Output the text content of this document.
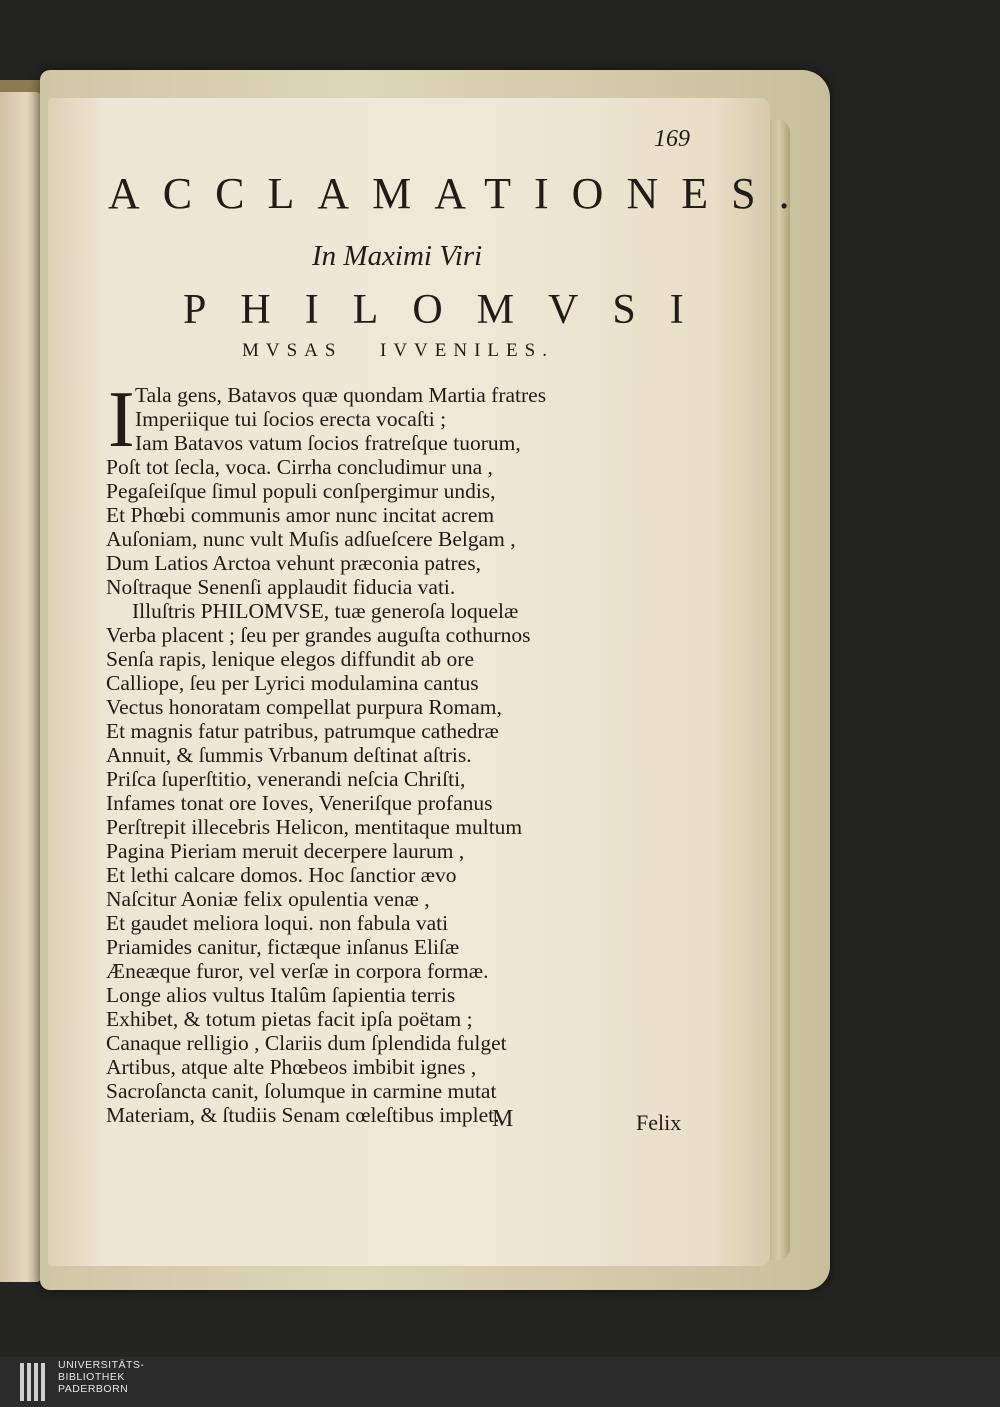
169
ACCLAMATIONES.
In Maximi Viri
PHILOMVSI
MVSAS IVVENILES.
I Tala gens, Batavos quæ quondam Martia fratres
Imperiique tui ſocios erecta vocaſti ;
Iam Batavos vatum ſocios fratreſque tuorum,
Poſt tot ſecla, voca. Cirrha concludimur una ,
Pegaſeiſque ſimul populi conſpergimur undis,
Et Phœbi communis amor nunc incitat acrem
Auſoniam, nunc vult Muſis adſueſcere Belgam ,
Dum Latios Arctoa vehunt præconia patres,
Noſtraque Senenſi applaudit fiducia vati.
Illuſtris PHILOMVSE, tuæ generoſa loquelæ
Verba placent ; ſeu per grandes auguſta cothurnos
Senſa rapis, lenique elegos diffundit ab ore
Calliope, ſeu per Lyrici modulamina cantus
Vectus honoratam compellat purpura Romam,
Et magnis fatur patribus, patrumque cathedræ
Annuit, & ſummis Vrbanum deſtinat aſtris.
Priſca ſuperſtitio, venerandi neſcia Chriſti,
Infames tonat ore Ioves, Veneriſque profanus
Perſtrepit illecebris Helicon, mentitaque multum
Pagina Pieriam meruit decerpere laurum ,
Et lethi calcare domos. Hoc ſanctior ævo
Naſcitur Aoniæ felix opulentia venæ ,
Et gaudet meliora loqui. non fabula vati
Priamides canitur, fictæque inſanus Eliſæ
Æneæque furor, vel verſæ in corpora formæ.
Longe alios vultus Italûm ſapientia terris
Exhibet, & totum pietas facit ipſa poëtam ;
Canaque relligio , Clariis dum ſplendida fulget
Artibus, atque alte Phœbeos imbibit ignes ,
Sacroſancta canit, ſolumque in carmine mutat
Materiam, & ſtudiis Senam cœleſtibus implet.
M	Felix
UNIVERSITÄTS-
BIBLIOTHEK
PADERBORN
